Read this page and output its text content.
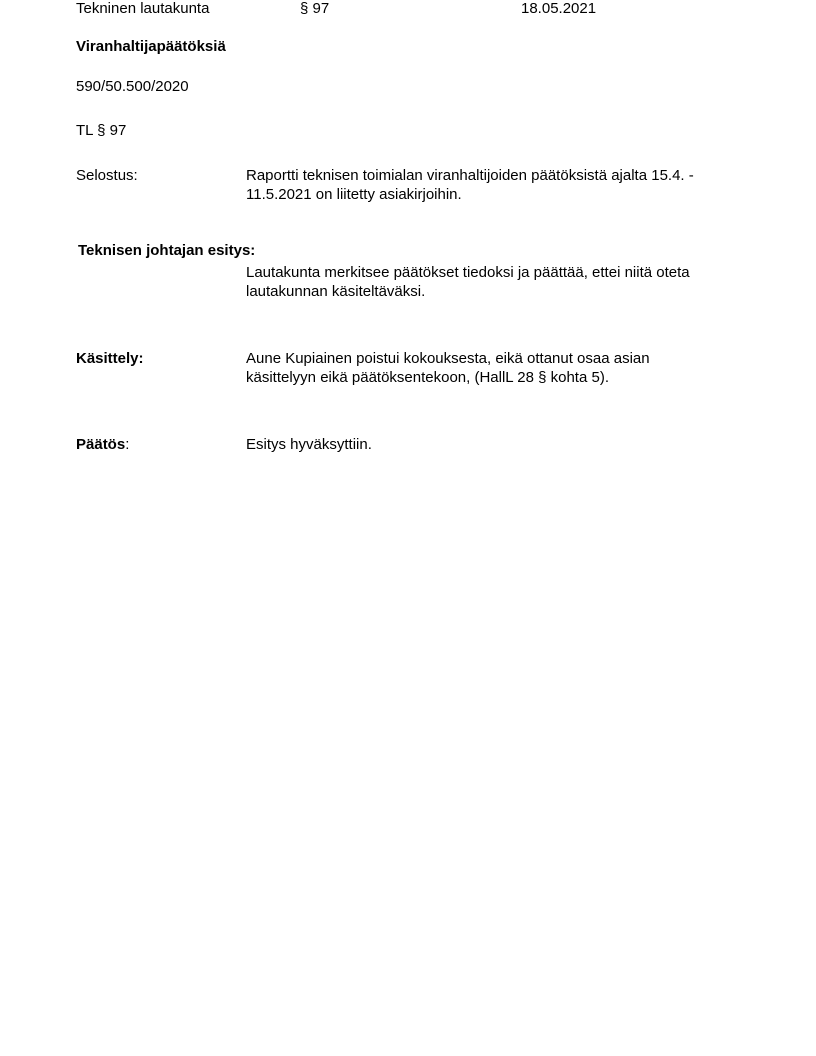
Tekninen lautakunta	§ 97	18.05.2021
Viranhaltijapäätöksiä
590/50.500/2020
TL § 97
Selostus:	Raportti teknisen toimialan viranhaltijoiden päätöksistä ajalta 15.4. -
11.5.2021 on liitetty asiakirjoihin.
Teknisen johtajan esitys:
Lautakunta merkitsee päätökset tiedoksi ja päättää, ettei niitä oteta
lautakunnan käsiteltäväksi.
Käsittely:	Aune Kupiainen poistui kokouksesta, eikä ottanut osaa asian
käsittelyyn eikä päätöksentekoon, (HallL 28 § kohta 5).
Päätös:	Esitys hyväksyttiin.
